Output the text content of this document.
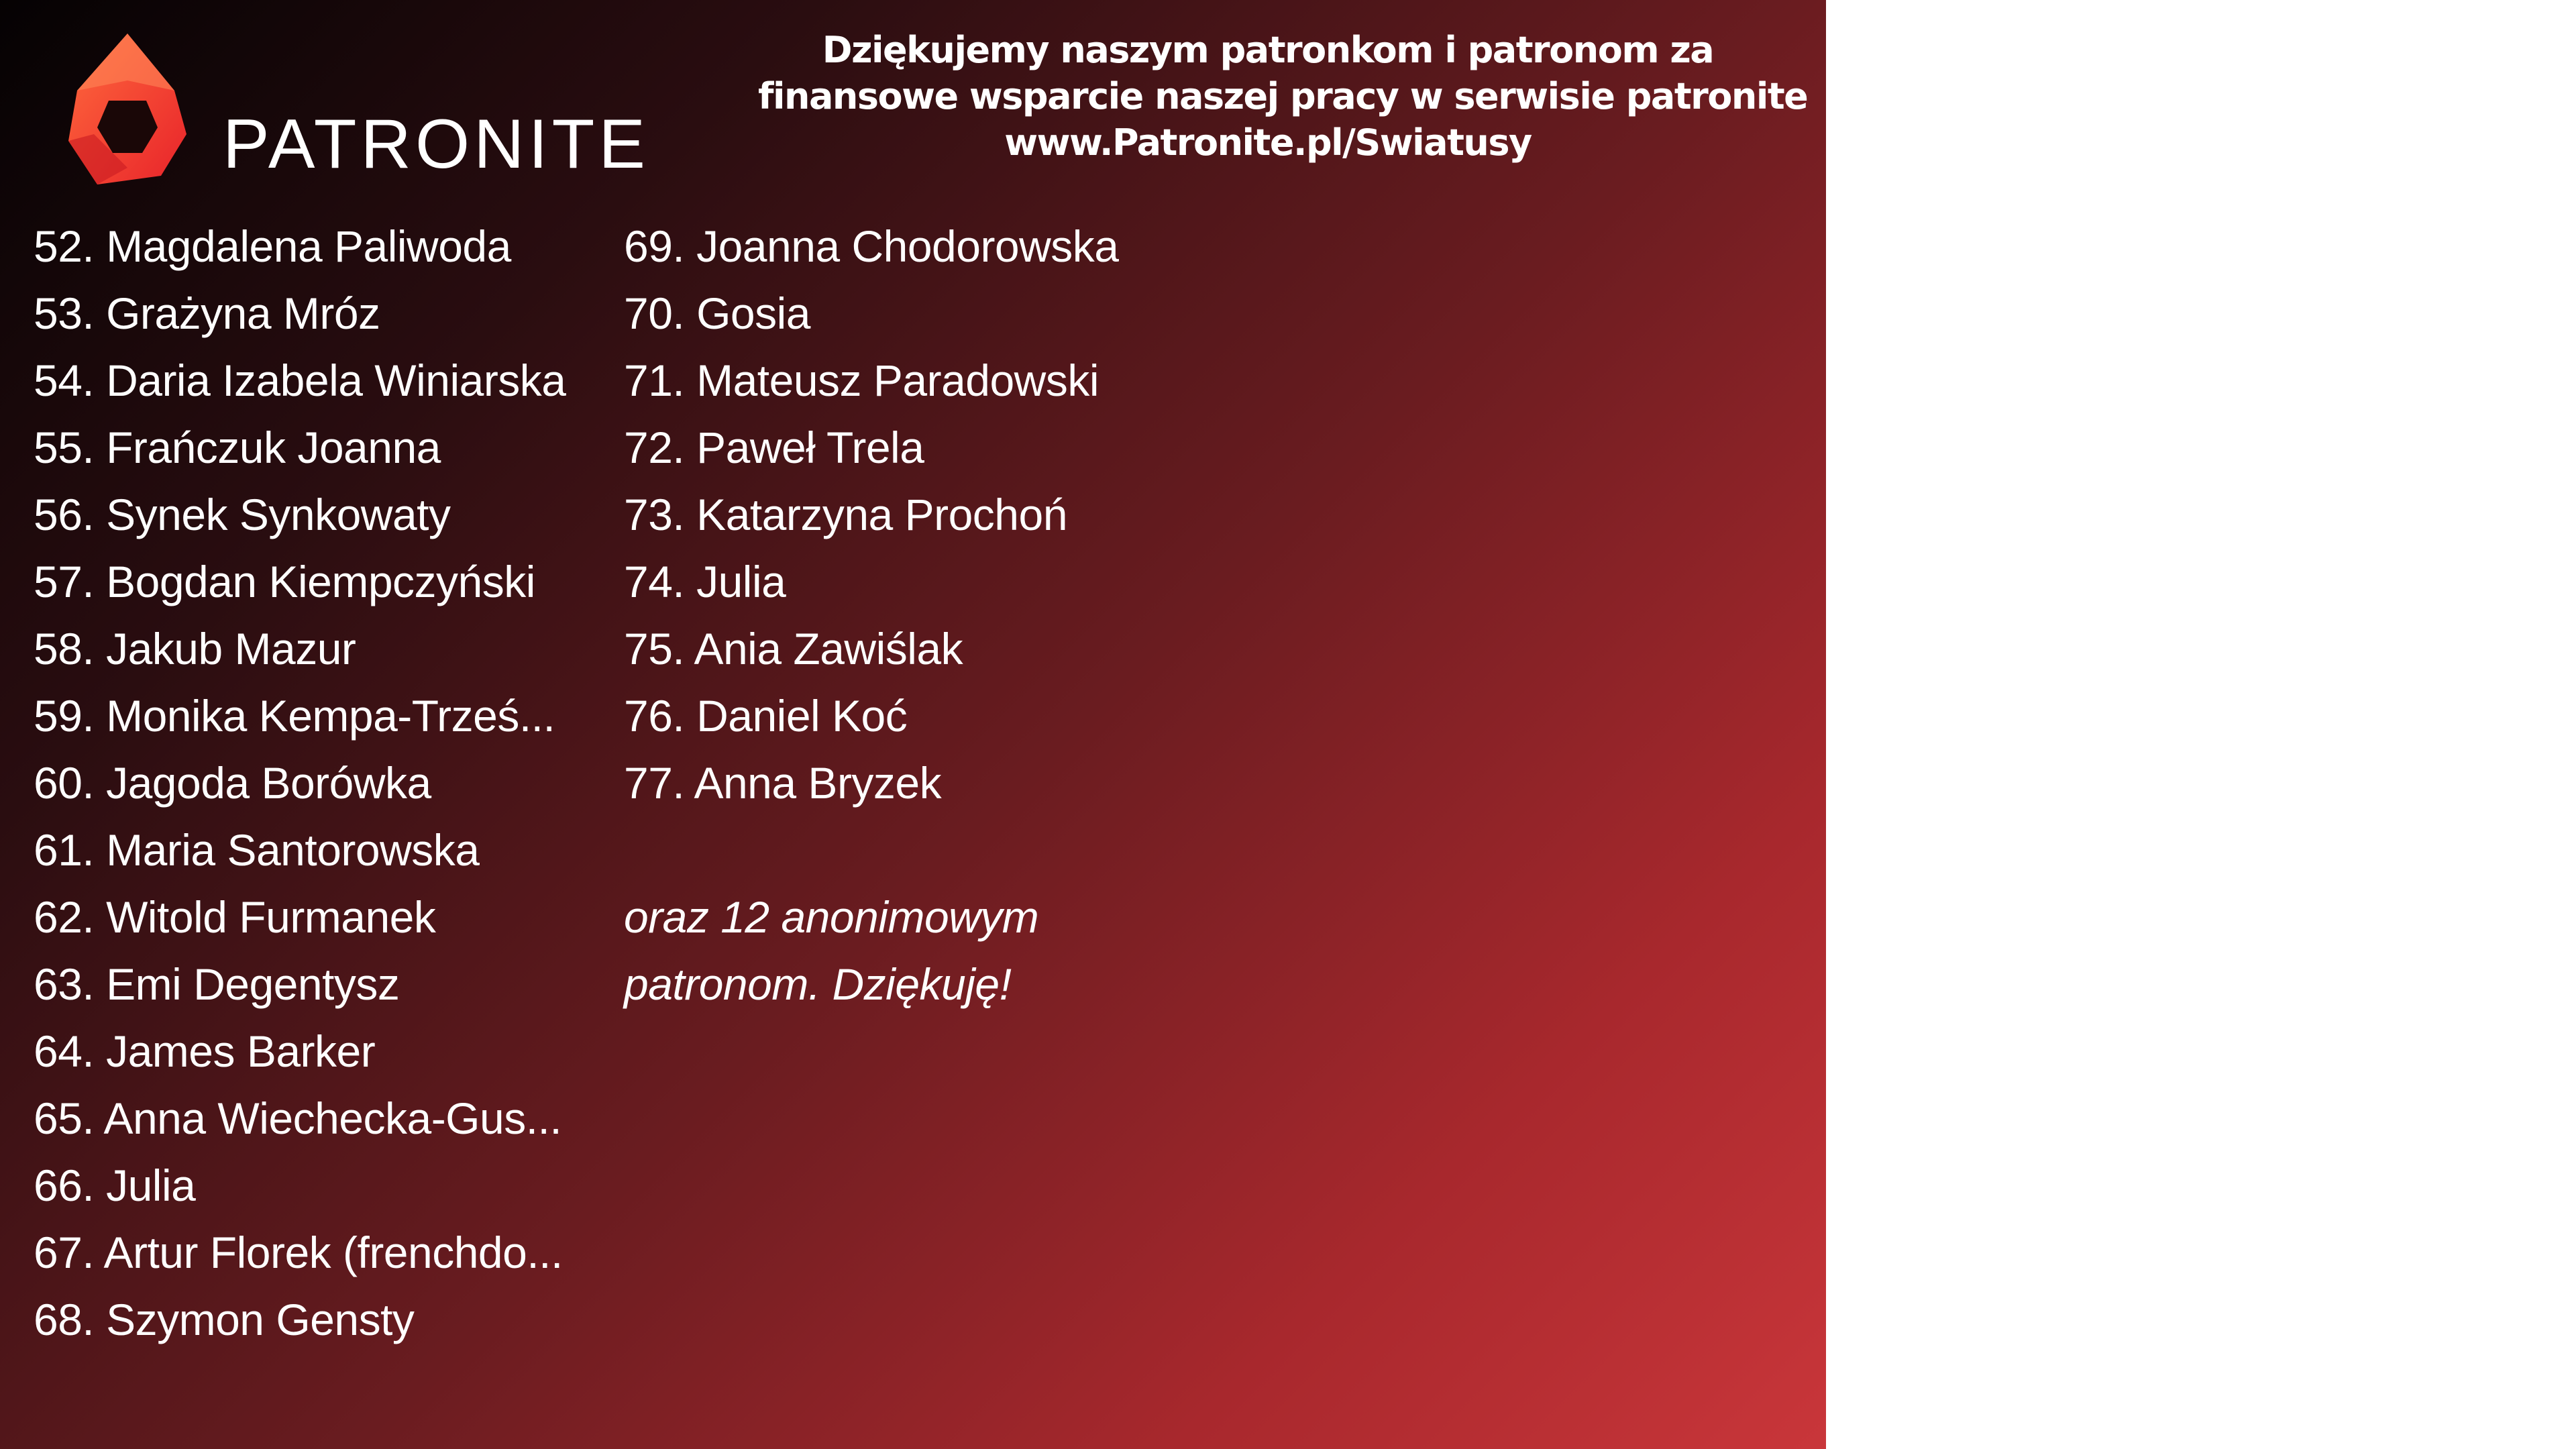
PATRONITE
Dziękujemy naszym patronkom i patronom za
finansowe wsparcie naszej pracy w serwisie patronite
www.Patronite.pl/Swiatusy
52. Magdalena Paliwoda
53. Grażyna Mróz
54. Daria Izabela Winiarska
55. Frańczuk Joanna
56. Synek Synkowaty
57. Bogdan Kiempczyński
58. Jakub Mazur
59. Monika Kempa-Trześ...
60. Jagoda Borówka
61. Maria Santorowska
62. Witold Furmanek
63. Emi Degentysz
64. James Barker
65. Anna Wiechecka-Gus...
66. Julia
67. Artur Florek (frenchdo...
68. Szymon Gensty
69. Joanna Chodorowska
70. Gosia
71. Mateusz Paradowski
72. Paweł Trela
73. Katarzyna Prochoń
74. Julia
75. Ania Zawiślak
76. Daniel Koć
77. Anna Bryzek
oraz 12 anonimowym
patronom. Dziękuję!
